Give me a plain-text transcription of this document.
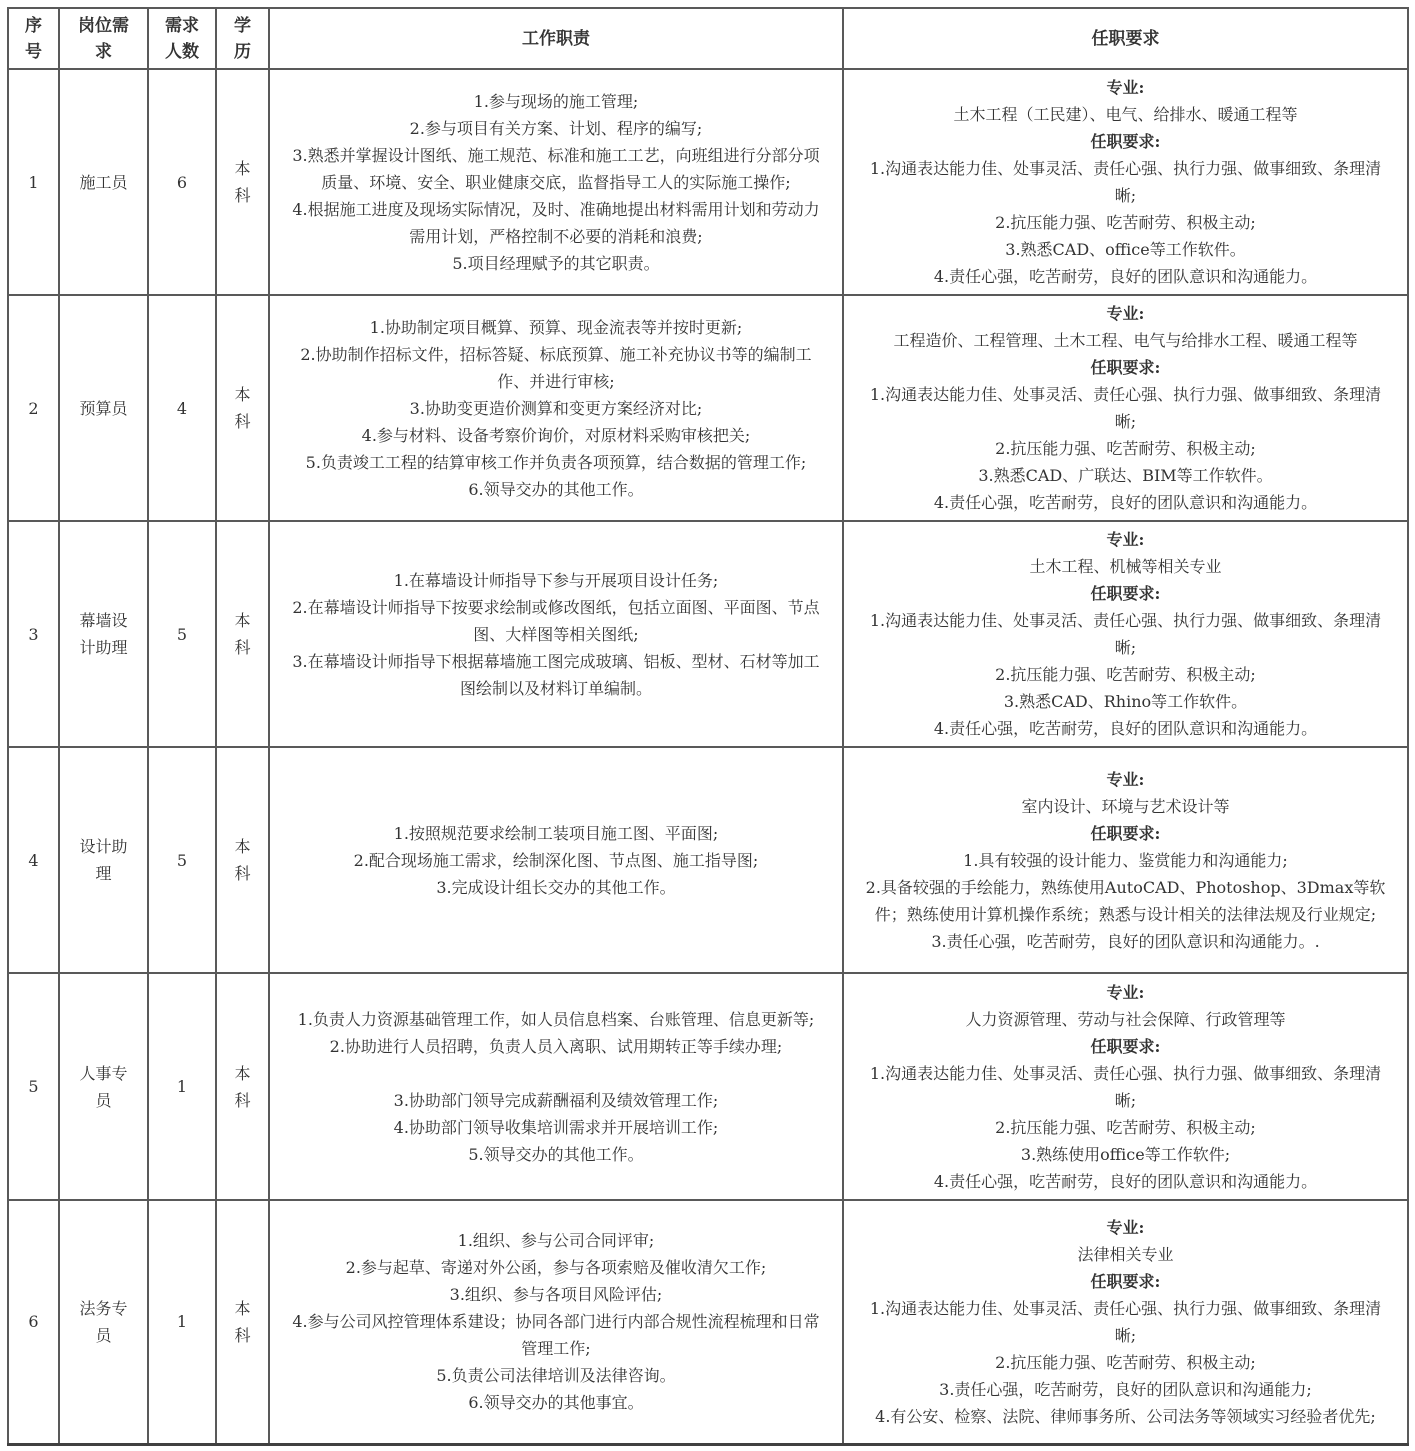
序号	岗位需求	需求人数	学历	工作职责	任职要求
1	施工员	6	本科	
1.参与现场的施工管理;
2.参与项目有关方案、计划、程序的编写;
3.熟悉并掌握设计图纸、施工规范、标准和施工工艺，向班组进行分部分项质量、环境、安全、职业健康交底，监督指导工人的实际施工操作;
4.根据施工进度及现场实际情况，及时、准确地提出材料需用计划和劳动力需用计划，严格控制不必要的消耗和浪费;
5.项目经理赋予的其它职责。

专业:
土木工程（工民建）、电气、给排水、暖通工程等
任职要求:
1.沟通表达能力佳、处事灵活、责任心强、执行力强、做事细致、条理清晰;
2.抗压能力强、吃苦耐劳、积极主动;
3.熟悉CAD、office等工作软件。
4.责任心强，吃苦耐劳，良好的团队意识和沟通能力。

2	预算员	4	本科	
1.协助制定项目概算、预算、现金流表等并按时更新;
2.协助制作招标文件，招标答疑、标底预算、施工补充协议书等的编制工作、并进行审核;
3.协助变更造价测算和变更方案经济对比;
4.参与材料、设备考察价询价，对原材料采购审核把关;
5.负责竣工工程的结算审核工作并负责各项预算，结合数据的管理工作;
6.领导交办的其他工作。

专业:
工程造价、工程管理、土木工程、电气与给排水工程、暖通工程等
任职要求:
1.沟通表达能力佳、处事灵活、责任心强、执行力强、做事细致、条理清晰;
2.抗压能力强、吃苦耐劳、积极主动;
3.熟悉CAD、广联达、BIM等工作软件。
4.责任心强，吃苦耐劳，良好的团队意识和沟通能力。

3	幕墙设计助理	5	本科	
1.在幕墙设计师指导下参与开展项目设计任务;
2.在幕墙设计师指导下按要求绘制或修改图纸，包括立面图、平面图、节点图、大样图等相关图纸;
3.在幕墙设计师指导下根据幕墙施工图完成玻璃、铝板、型材、石材等加工图绘制以及材料订单编制。

专业:
土木工程、机械等相关专业
任职要求:
1.沟通表达能力佳、处事灵活、责任心强、执行力强、做事细致、条理清晰;
2.抗压能力强、吃苦耐劳、积极主动;
3.熟悉CAD、Rhino等工作软件。
4.责任心强，吃苦耐劳，良好的团队意识和沟通能力。

4	设计助理	5	本科	
1.按照规范要求绘制工装项目施工图、平面图;
2.配合现场施工需求，绘制深化图、节点图、施工指导图;
3.完成设计组长交办的其他工作。

专业:
室内设计、环境与艺术设计等
任职要求:
1.具有较强的设计能力、鉴赏能力和沟通能力;
2.具备较强的手绘能力，熟练使用AutoCAD、Photoshop、3Dmax等软件；熟练使用计算机操作系统；熟悉与设计相关的法律法规及行业规定;
3.责任心强，吃苦耐劳，良好的团队意识和沟通能力。.

5	人事专员	1	本科	
1.负责人力资源基础管理工作，如人员信息档案、台账管理、信息更新等;
2.协助进行人员招聘，负责人员入离职、试用期转正等手续办理;
3.协助部门领导完成薪酬福利及绩效管理工作;
4.协助部门领导收集培训需求并开展培训工作;
5.领导交办的其他工作。

专业:
人力资源管理、劳动与社会保障、行政管理等
任职要求:
1.沟通表达能力佳、处事灵活、责任心强、执行力强、做事细致、条理清晰;
2.抗压能力强、吃苦耐劳、积极主动;
3.熟练使用office等工作软件;
4.责任心强，吃苦耐劳，良好的团队意识和沟通能力。

6	法务专员	1	本科	
1.组织、参与公司合同评审;
2.参与起草、寄递对外公函，参与各项索赔及催收清欠工作;
3.组织、参与各项目风险评估;
4.参与公司风控管理体系建设；协同各部门进行内部合规性流程梳理和日常管理工作;
5.负责公司法律培训及法律咨询。
6.领导交办的其他事宜。

专业:
法律相关专业
任职要求:
1.沟通表达能力佳、处事灵活、责任心强、执行力强、做事细致、条理清晰;
2.抗压能力强、吃苦耐劳、积极主动;
3.责任心强，吃苦耐劳，良好的团队意识和沟通能力;
4.有公安、检察、法院、律师事务所、公司法务等领域实习经验者优先;
